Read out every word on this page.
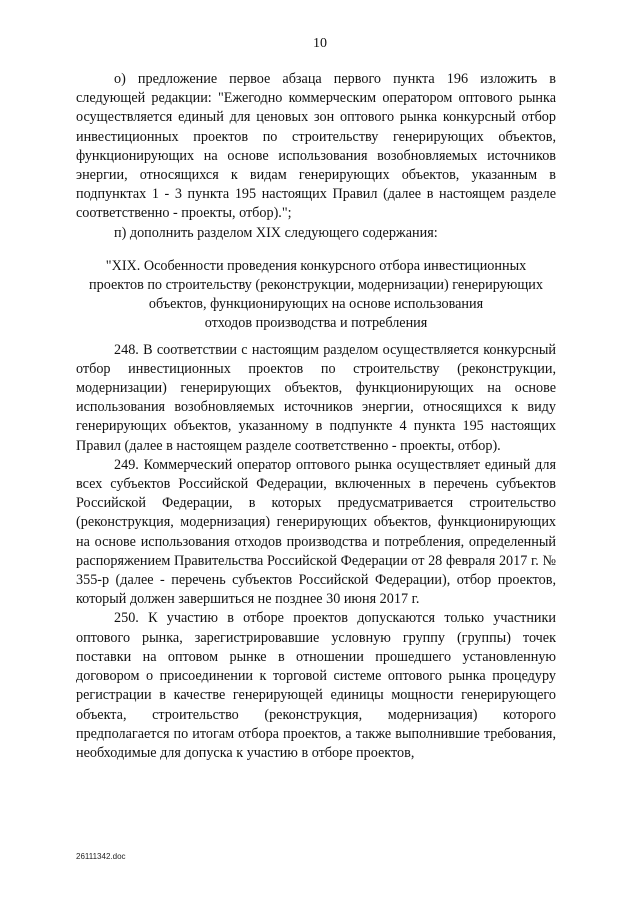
10

о) предложение первое абзаца первого пункта 196 изложить в следующей редакции: "Ежегодно коммерческим оператором оптового рынка осуществляется единый для ценовых зон оптового рынка конкурсный отбор инвестиционных проектов по строительству генерирующих объектов, функционирующих на основе использования возобновляемых источников энергии, относящихся к видам генерирующих объектов, указанным в подпунктах 1 - 3 пункта 195 настоящих Правил (далее в настоящем разделе соответственно - проекты, отбор).";

п) дополнить разделом XIX следующего содержания:

"XIX. Особенности проведения конкурсного отбора инвестиционных
проектов по строительству (реконструкции, модернизации) генерирующих
объектов, функционирующих на основе использования
отходов производства и потребления

248. В соответствии с настоящим разделом осуществляется конкурсный отбор инвестиционных проектов по строительству (реконструкции, модернизации) генерирующих объектов, функционирующих на основе использования возобновляемых источников энергии, относящихся к виду генерирующих объектов, указанному в подпункте 4 пункта 195 настоящих Правил (далее в настоящем разделе соответственно - проекты, отбор).

249. Коммерческий оператор оптового рынка осуществляет единый для всех субъектов Российской Федерации, включенных в перечень субъектов Российской Федерации, в которых предусматривается строительство (реконструкция, модернизация) генерирующих объектов, функционирующих на основе использования отходов производства и потребления, определенный распоряжением Правительства Российской Федерации от 28 февраля 2017 г. № 355-р (далее - перечень субъектов Российской Федерации), отбор проектов, который должен завершиться не позднее 30 июня 2017 г.

250. К участию в отборе проектов допускаются только участники оптового рынка, зарегистрировавшие условную группу (группы) точек поставки на оптовом рынке в отношении прошедшего установленную договором о присоединении к торговой системе оптового рынка процедуру регистрации в качестве генерирующей единицы мощности генерирующего объекта, строительство (реконструкция, модернизация) которого предполагается по итогам отбора проектов, а также выполнившие требования, необходимые для допуска к участию в отборе проектов,

26111342.doc
